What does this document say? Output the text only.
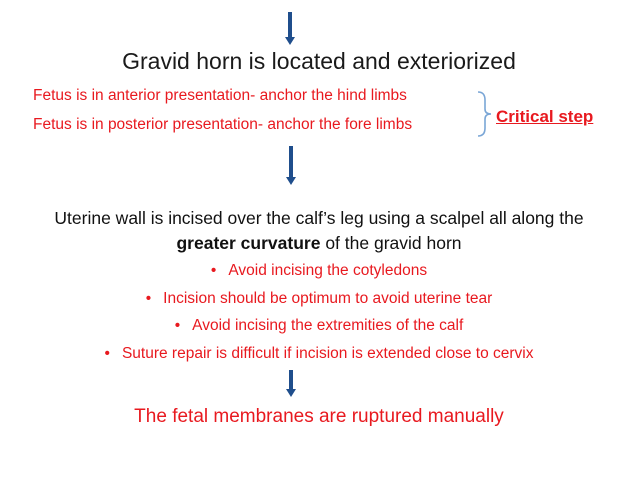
Gravid horn is located and exteriorized
Fetus is in anterior presentation- anchor the hind limbs
Fetus is in posterior presentation- anchor the fore limbs	Critical step
Uterine wall is incised over the calf’s leg using a scalpel all along the
greater curvature of the gravid horn
• Avoid incising the cotyledons
• Incision should be optimum to avoid uterine tear
• Avoid incising the extremities of the calf
• Suture repair is difficult if incision is extended close to cervix
The fetal membranes are ruptured manually
